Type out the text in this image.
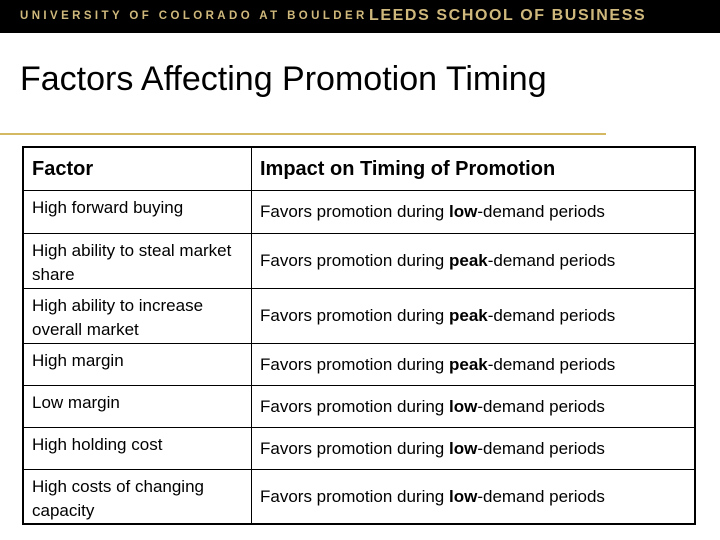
UNIVERSITY OF COLORADO AT BOULDER LEEDS SCHOOL OF BUSINESS
Factors Affecting Promotion Timing
Factor	Impact on Timing of Promotion
High forward buying	Favors promotion during low-demand periods
High ability to steal market share	Favors promotion during peak-demand periods
High ability to increase overall market	Favors promotion during peak-demand periods
High margin	Favors promotion during peak-demand periods
Low margin	Favors promotion during low-demand periods
High holding cost	Favors promotion during low-demand periods
High costs of changing capacity	Favors promotion during low-demand periods
